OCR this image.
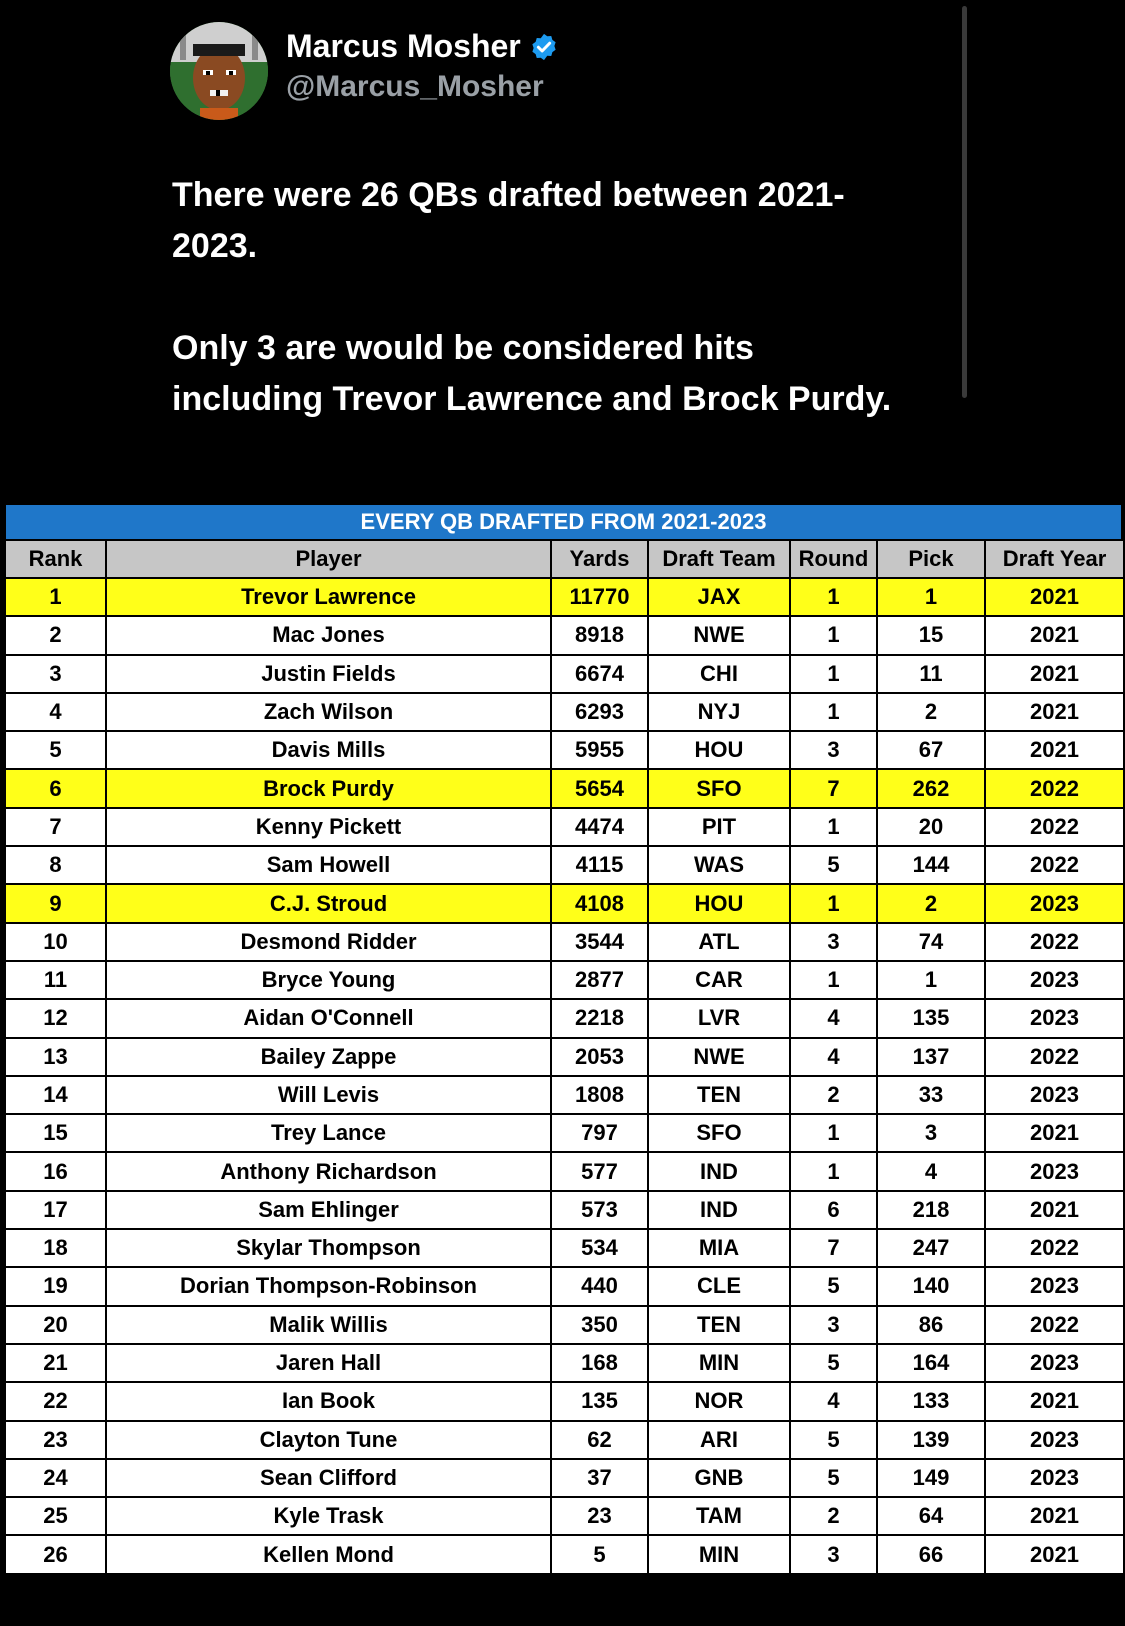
Marcus Mosher
@Marcus_Mosher

There were 26 QBs drafted between 2021-2023.

Only 3 are would be considered hits including Trevor Lawrence and Brock Purdy.

EVERY QB DRAFTED FROM 2021-2023
Rank	Player	Yards	Draft Team	Round	Pick	Draft Year
1	Trevor Lawrence	11770	JAX	1	1	2021
2	Mac Jones	8918	NWE	1	15	2021
3	Justin Fields	6674	CHI	1	11	2021
4	Zach Wilson	6293	NYJ	1	2	2021
5	Davis Mills	5955	HOU	3	67	2021
6	Brock Purdy	5654	SFO	7	262	2022
7	Kenny Pickett	4474	PIT	1	20	2022
8	Sam Howell	4115	WAS	5	144	2022
9	C.J. Stroud	4108	HOU	1	2	2023
10	Desmond Ridder	3544	ATL	3	74	2022
11	Bryce Young	2877	CAR	1	1	2023
12	Aidan O'Connell	2218	LVR	4	135	2023
13	Bailey Zappe	2053	NWE	4	137	2022
14	Will Levis	1808	TEN	2	33	2023
15	Trey Lance	797	SFO	1	3	2021
16	Anthony Richardson	577	IND	1	4	2023
17	Sam Ehlinger	573	IND	6	218	2021
18	Skylar Thompson	534	MIA	7	247	2022
19	Dorian Thompson-Robinson	440	CLE	5	140	2023
20	Malik Willis	350	TEN	3	86	2022
21	Jaren Hall	168	MIN	5	164	2023
22	Ian Book	135	NOR	4	133	2021
23	Clayton Tune	62	ARI	5	139	2023
24	Sean Clifford	37	GNB	5	149	2023
25	Kyle Trask	23	TAM	2	64	2021
26	Kellen Mond	5	MIN	3	66	2021
